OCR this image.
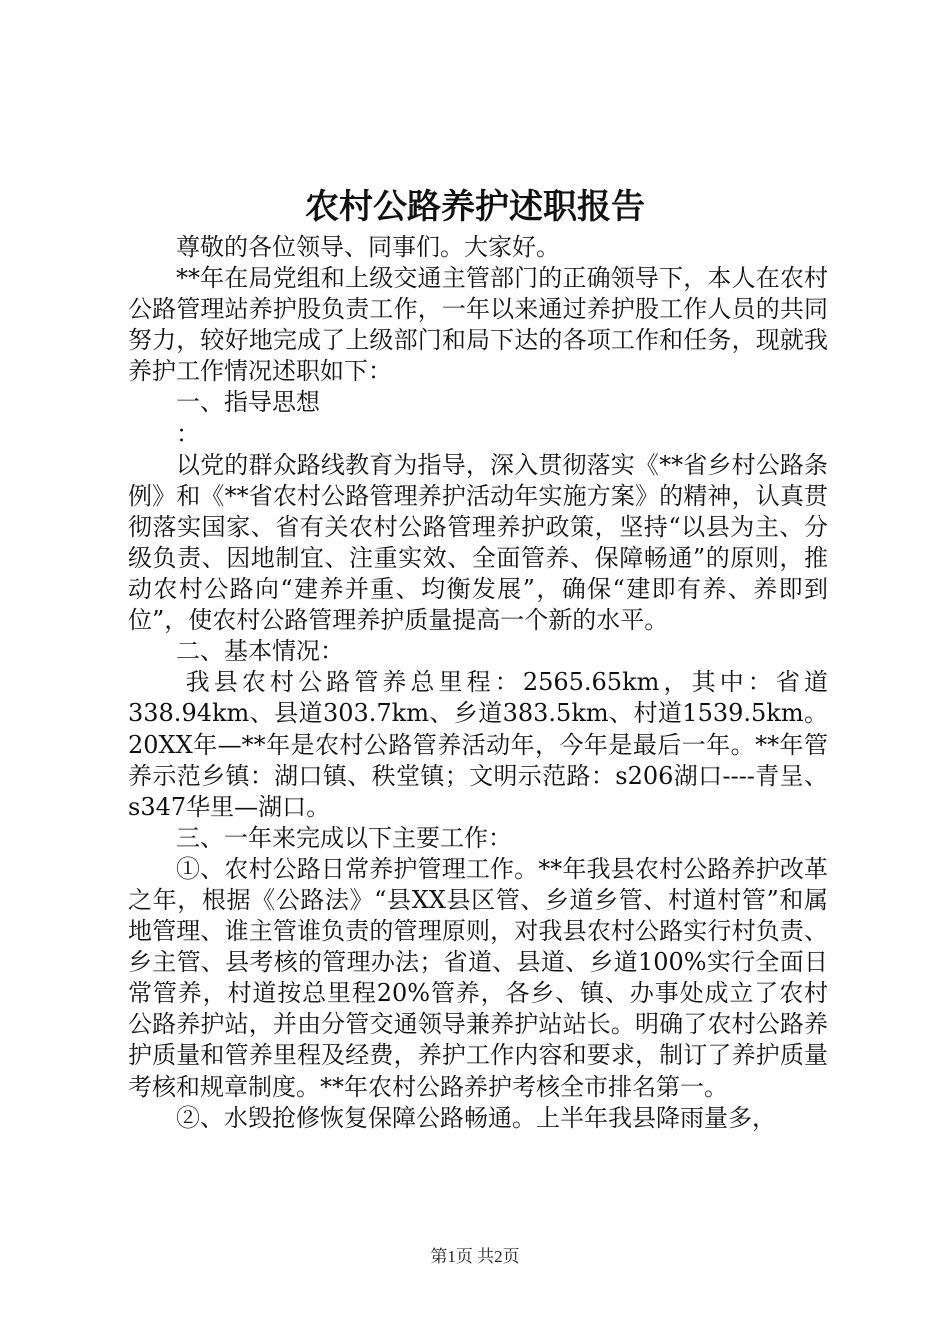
农村公路养护述职报告

尊敬的各位领导、同事们。大家好。

**年在局党组和上级交通主管部门的正确领导下，本人在农村公路管理站养护股负责工作，一年以来通过养护股工作人员的共同努力，较好地完成了上级部门和局下达的各项工作和任务，现就我养护工作情况述职如下：

一、指导思想

：

以党的群众路线教育为指导，深入贯彻落实《**省乡村公路条例》和《**省农村公路管理养护活动年实施方案》的精神，认真贯彻落实国家、省有关农村公路管理养护政策，坚持“以县为主、分级负责、因地制宜、注重实效、全面管养、保障畅通”的原则，推动农村公路向“建养并重、均衡发展”，确保“建即有养、养即到位”，使农村公路管理养护质量提高一个新的水平。

二、基本情况：

我县农村公路管养总里程：2565.65km，其中：省道338.94km、县道303.7km、乡道383.5km、村道1539.5km。20XX年—**年是农村公路管养活动年，今年是最后一年。**年管养示范乡镇：湖口镇、秩堂镇；文明示范路：s206湖口----青呈、s347华里—湖口。

三、一年来完成以下主要工作：

①、农村公路日常养护管理工作。**年我县农村公路养护改革之年，根据《公路法》“县XX县区管、乡道乡管、村道村管”和属地管理、谁主管谁负责的管理原则，对我县农村公路实行村负责、乡主管、县考核的管理办法；省道、县道、乡道100%实行全面日常管养，村道按总里程20%管养，各乡、镇、办事处成立了农村公路养护站，并由分管交通领导兼养护站站长。明确了农村公路养护质量和管养里程及经费，养护工作内容和要求，制订了养护质量考核和规章制度。**年农村公路养护考核全市排名第一。

②、水毁抢修恢复保障公路畅通。上半年我县降雨量多，

第1页 共2页
